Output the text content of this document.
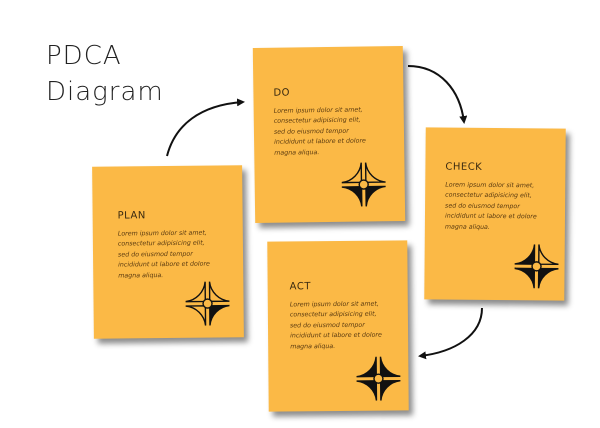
PDCA
Diagram
PLAN

Lorem ipsum dolor sit amet,
consectetur adipisicing elit,
sed do eiusmod tempor
incididunt ut labore et dolore
magna aliqua.

DO

Lorem ipsum dolor sit amet,
consectetur adipisicing elit,
sed do eiusmod tempor
incididunt ut labore et dolore
magna aliqua.

CHECK

Lorem ipsum dolor sit amet,
consectetur adipisicing elit,
sed do eiusmod tempor
incididunt ut labore et dolore
magna aliqua.

ACT

Lorem ipsum dolor sit amet,
consectetur adipisicing elit,
sed do eiusmod tempor
incididunt ut labore et dolore
magna aliqua.
